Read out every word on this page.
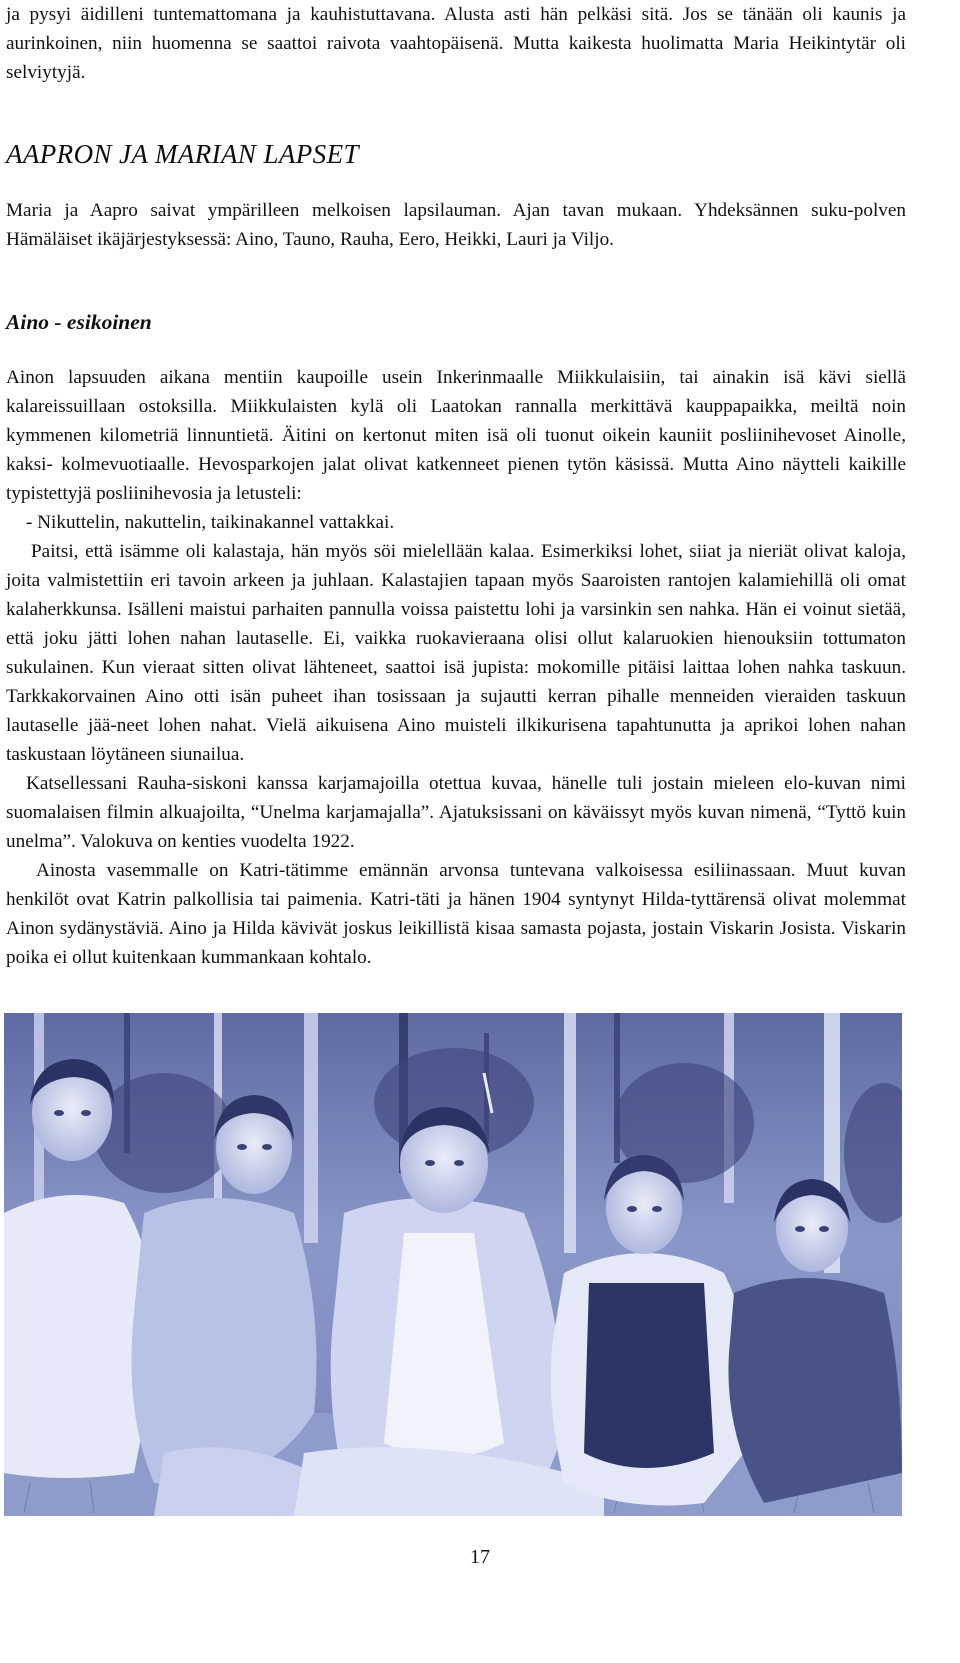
ja pysyi äidilleni tuntemattomana ja kauhistuttavana. Alusta asti hän pelkäsi sitä. Jos se tänään oli kaunis ja aurinkoinen, niin huomenna se saattoi raivota vaahtopäisenä. Mutta kaikesta huolimatta Maria Heikintytär oli selviytyjä.

AAPRON JA MARIAN LAPSET

Maria ja Aapro saivat ympärilleen melkoisen lapsilauman. Ajan tavan mukaan. Yhdeksännen suku-polven Hämäläiset ikäjärjestyksessä: Aino, Tauno, Rauha, Eero, Heikki, Lauri ja Viljo.

Aino - esikoinen

Ainon lapsuuden aikana mentiin kaupoille usein Inkerinmaalle Miikkulaisiin, tai ainakin isä kävi siellä kalareissuillaan ostoksilla. Miikkulaisten kylä oli Laatokan rannalla merkittävä kauppapaikka, meiltä noin kymmenen kilometriä linnuntietä. Äitini on kertonut miten isä oli tuonut oikein kauniit posliinihevoset Ainolle, kaksi- kolmevuotiaalle. Hevosparkojen jalat olivat katkenneet pienen tytön käsissä. Mutta Aino näytteli kaikille typistettyjä posliinihevosia ja letusteli:

- Nikuttelin, nakuttelin, taikinakannel vattakkai.

Paitsi, että isämme oli kalastaja, hän myös söi mielellään kalaa. Esimerkiksi lohet, siiat ja nieriät olivat kaloja, joita valmistettiin eri tavoin arkeen ja juhlaan. Kalastajien tapaan myös Saaroisten rantojen kalamiehillä oli omat kalaherkkunsa. Isälleni maistui parhaiten pannulla voissa paistettu lohi ja varsinkin sen nahka. Hän ei voinut sietää, että joku jätti lohen nahan lautaselle. Ei, vaikka ruokavieraana olisi ollut kalaruokien hienouksiin tottumaton sukulainen. Kun vieraat sitten olivat lähteneet, saattoi isä jupista: mokomille pitäisi laittaa lohen nahka taskuun. Tarkkakorvainen Aino otti isän puheet ihan tosissaan ja sujautti kerran pihalle menneiden vieraiden taskuun lautaselle jää-neet lohen nahat. Vielä aikuisena Aino muisteli ilkikurisena tapahtunutta ja aprikoi lohen nahan taskustaan löytäneen siunailua.

Katsellessani Rauha-siskoni kanssa karjamajoilla otettua kuvaa, hänelle tuli jostain mieleen elo-kuvan nimi suomalaisen filmin alkuajoilta, “Unelma karjamajalla”. Ajatuksissani on käväissyt myös kuvan nimenä, “Tyttö kuin unelma”. Valokuva on kenties vuodelta 1922.

Ainosta vasemmalle on Katri-tätimme emännän arvonsa tuntevana valkoisessa esiliinassaan. Muut kuvan henkilöt ovat Katrin palkollisia tai paimenia. Katri-täti ja hänen 1904 syntynyt Hilda-tyttärensä olivat molemmat Ainon sydänystäviä. Aino ja Hilda kävivät joskus leikillistä kisaa samasta pojasta, jostain Viskarin Josista. Viskarin poika ei ollut kuitenkaan kummankaan kohtalo.

17
